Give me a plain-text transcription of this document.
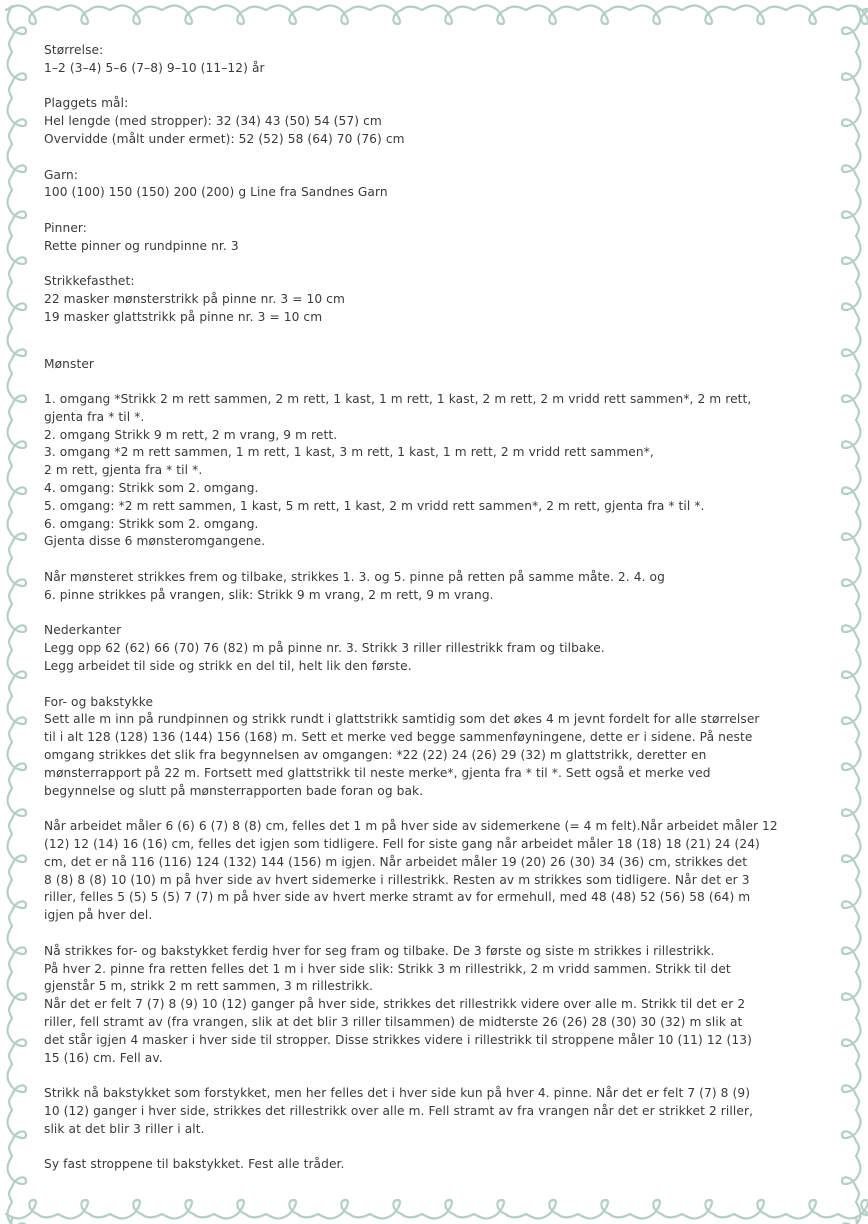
Størrelse:
1–2 (3–4) 5–6 (7–8) 9–10 (11–12) år
Plaggets mål:
Hel lengde (med stropper): 32 (34) 43 (50) 54 (57) cm
Overvidde (målt under ermet): 52 (52) 58 (64) 70 (76) cm
Garn:
100 (100) 150 (150) 200 (200) g Line fra Sandnes Garn
Pinner:
Rette pinner og rundpinne nr. 3
Strikkefasthet:
22 masker mønsterstrikk på pinne nr. 3 = 10 cm
19 masker glattstrikk på pinne nr. 3 = 10 cm
Mønster
1. omgang *Strikk 2 m rett sammen, 2 m rett, 1 kast, 1 m rett, 1 kast, 2 m rett, 2 m vridd rett sammen*, 2 m rett,
gjenta fra * til *.
2. omgang Strikk 9 m rett, 2 m vrang, 9 m rett.
3. omgang *2 m rett sammen, 1 m rett, 1 kast, 3 m rett, 1 kast, 1 m rett, 2 m vridd rett sammen*,
2 m rett, gjenta fra * til *.
4. omgang: Strikk som 2. omgang.
5. omgang: *2 m rett sammen, 1 kast, 5 m rett, 1 kast, 2 m vridd rett sammen*, 2 m rett, gjenta fra * til *.
6. omgang: Strikk som 2. omgang.
Gjenta disse 6 mønsteromgangene.
Når mønsteret strikkes frem og tilbake, strikkes 1. 3. og 5. pinne på retten på samme måte. 2. 4. og
6. pinne strikkes på vrangen, slik: Strikk 9 m vrang, 2 m rett, 9 m vrang.
Nederkanter
Legg opp 62 (62) 66 (70) 76 (82) m på pinne nr. 3. Strikk 3 riller rillestrikk fram og tilbake.
Legg arbeidet til side og strikk en del til, helt lik den første.
For- og bakstykke
Sett alle m inn på rundpinnen og strikk rundt i glattstrikk samtidig som det økes 4 m jevnt fordelt for alle størrelser
til i alt 128 (128) 136 (144) 156 (168) m. Sett et merke ved begge sammenføyningene, dette er i sidene. På neste
omgang strikkes det slik fra begynnelsen av omgangen: *22 (22) 24 (26) 29 (32) m glattstrikk, deretter en
mønsterrapport på 22 m. Fortsett med glattstrikk til neste merke*, gjenta fra * til *. Sett også et merke ved
begynnelse og slutt på mønsterrapporten bade foran og bak.
Når arbeidet måler 6 (6) 6 (7) 8 (8) cm, felles det 1 m på hver side av sidemerkene (= 4 m felt).Når arbeidet måler 12
(12) 12 (14) 16 (16) cm, felles det igjen som tidligere. Fell for siste gang når arbeidet måler 18 (18) 18 (21) 24 (24)
cm, det er nå 116 (116) 124 (132) 144 (156) m igjen. Når arbeidet måler 19 (20) 26 (30) 34 (36) cm, strikkes det
8 (8) 8 (8) 10 (10) m på hver side av hvert sidemerke i rillestrikk. Resten av m strikkes som tidligere. Når det er 3
riller, felles 5 (5) 5 (5) 7 (7) m på hver side av hvert merke stramt av for ermehull, med 48 (48) 52 (56) 58 (64) m
igjen på hver del.
Nå strikkes for- og bakstykket ferdig hver for seg fram og tilbake. De 3 første og siste m strikkes i rillestrikk.
På hver 2. pinne fra retten felles det 1 m i hver side slik: Strikk 3 m rillestrikk, 2 m vridd sammen. Strikk til det
gjenstår 5 m, strikk 2 m rett sammen, 3 m rillestrikk.
Når det er felt 7 (7) 8 (9) 10 (12) ganger på hver side, strikkes det rillestrikk videre over alle m. Strikk til det er 2
riller, fell stramt av (fra vrangen, slik at det blir 3 riller tilsammen) de midterste 26 (26) 28 (30) 30 (32) m slik at
det står igjen 4 masker i hver side til stropper. Disse strikkes videre i rillestrikk til stroppene måler 10 (11) 12 (13)
15 (16) cm. Fell av.
Strikk nå bakstykket som forstykket, men her felles det i hver side kun på hver 4. pinne. Når det er felt 7 (7) 8 (9)
10 (12) ganger i hver side, strikkes det rillestrikk over alle m. Fell stramt av fra vrangen når det er strikket 2 riller,
slik at det blir 3 riller i alt.
Sy fast stroppene til bakstykket. Fest alle tråder.
